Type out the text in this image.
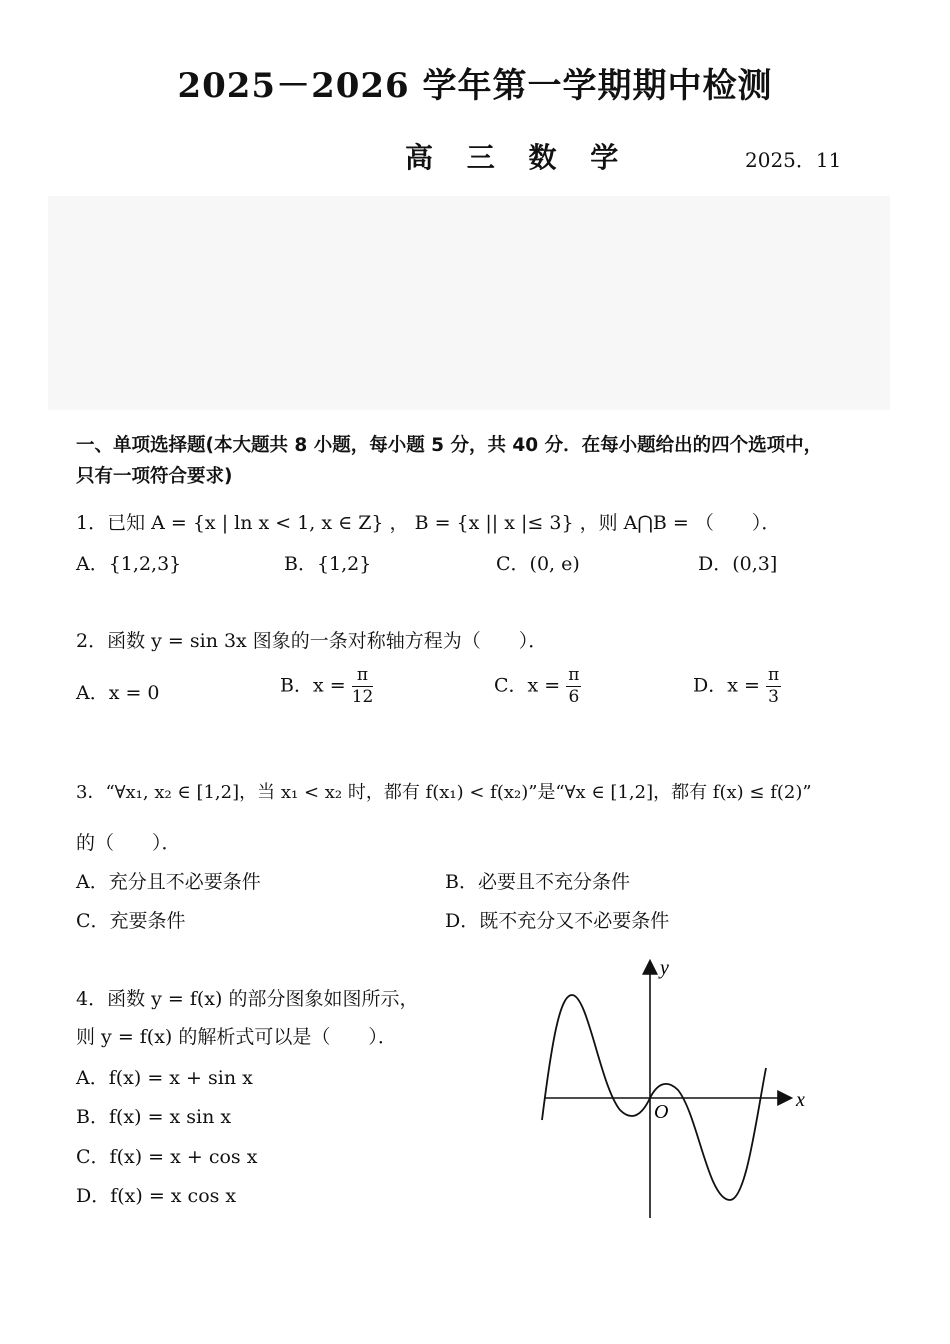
2025－2026 学年第一学期期中检测
高 三 数 学	2025．11
一、单项选择题(本大题共 8 小题，每小题 5 分，共 40 分．在每小题给出的四个选项中，
只有一项符合要求)
1．已知 A = {x | ln x < 1, x ∈ Z} ， B = {x || x |≤ 3} ，则 A⋂B = （　　）．
A．{1,2,3}	B．{1,2}	C．(0, e)	D．(0,3]
2．函数 y = sin 3x 图象的一条对称轴方程为（　　）．
A．x = 0	B．$x = \frac{\pi}{12}$	C．$x = \frac{\pi}{6}$	D．$x = \frac{\pi}{3}$
3．“∀x₁, x₂ ∈ [1,2]，当 x₁ < x₂ 时，都有 f(x₁) < f(x₂)”是“∀x ∈ [1,2]，都有 f(x) ≤ f(2)”
的（　　）．
A．充分且不必要条件	B．必要且不充分条件
C．充要条件	D．既不充分又不必要条件
4．函数 y = f(x) 的部分图象如图所示，
则 y = f(x) 的解析式可以是（　　）．
A．f(x) = x + sin x
B．f(x) = x sin x
C．f(x) = x + cos x
D．f(x) = x cos x
x
y
O
